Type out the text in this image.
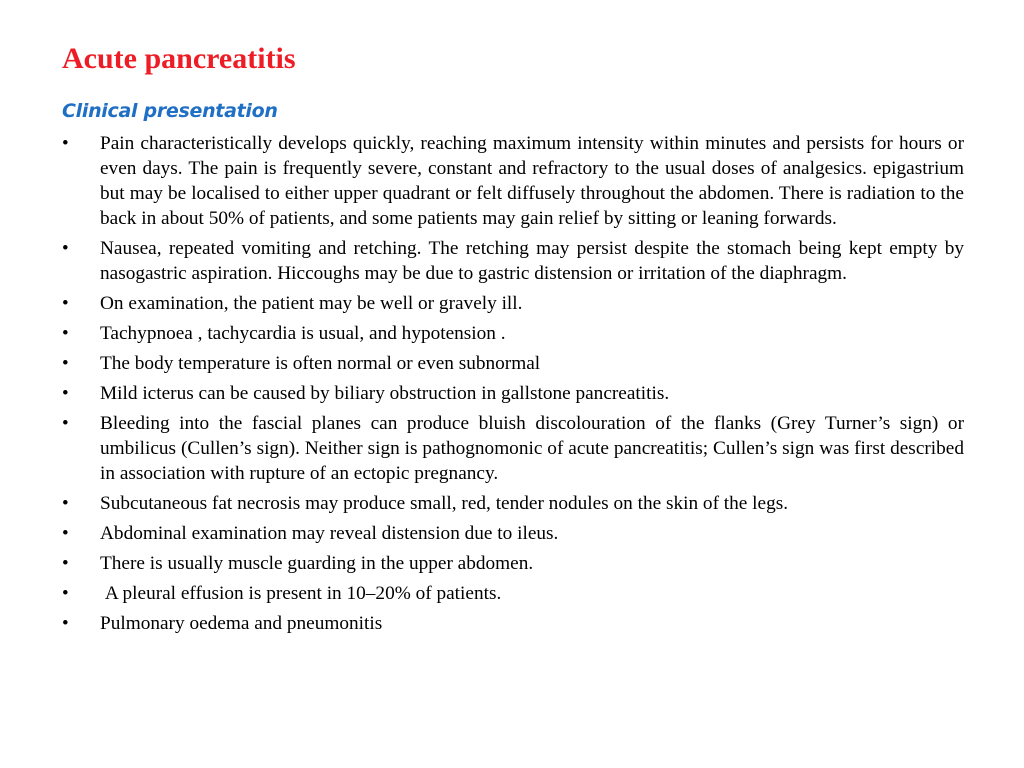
Acute pancreatitis
Clinical presentation
•	Pain characteristically develops quickly, reaching maximum intensity within minutes and persists for hours or even days. The pain is frequently severe, constant and refractory to the usual doses of analgesics. epigastrium but may be localised to either upper quadrant or felt diffusely throughout the abdomen. There is radiation to the back in about 50% of patients, and some patients may gain relief by sitting or leaning forwards.
•	Nausea, repeated vomiting and retching. The retching may persist despite the stomach being kept empty by nasogastric aspiration. Hiccoughs may be due to gastric distension or irritation of the diaphragm.
•	On examination, the patient may be well or gravely ill.
•	Tachypnoea , tachycardia is usual, and hypotension .
•	The body temperature is often normal or even subnormal
•	Mild icterus can be caused by biliary obstruction in gallstone pancreatitis.
•	Bleeding into the fascial planes can produce bluish discolouration of the flanks (Grey Turner’s sign) or umbilicus (Cullen’s sign). Neither sign is pathognomonic of acute pancreatitis; Cullen’s sign was first described in association with rupture of an ectopic pregnancy.
•	Subcutaneous fat necrosis may produce small, red, tender nodules on the skin of the legs.
•	Abdominal examination may reveal distension due to ileus.
•	There is usually muscle guarding in the upper abdomen.
•	A pleural effusion is present in 10–20% of patients.
•	Pulmonary oedema and pneumonitis
